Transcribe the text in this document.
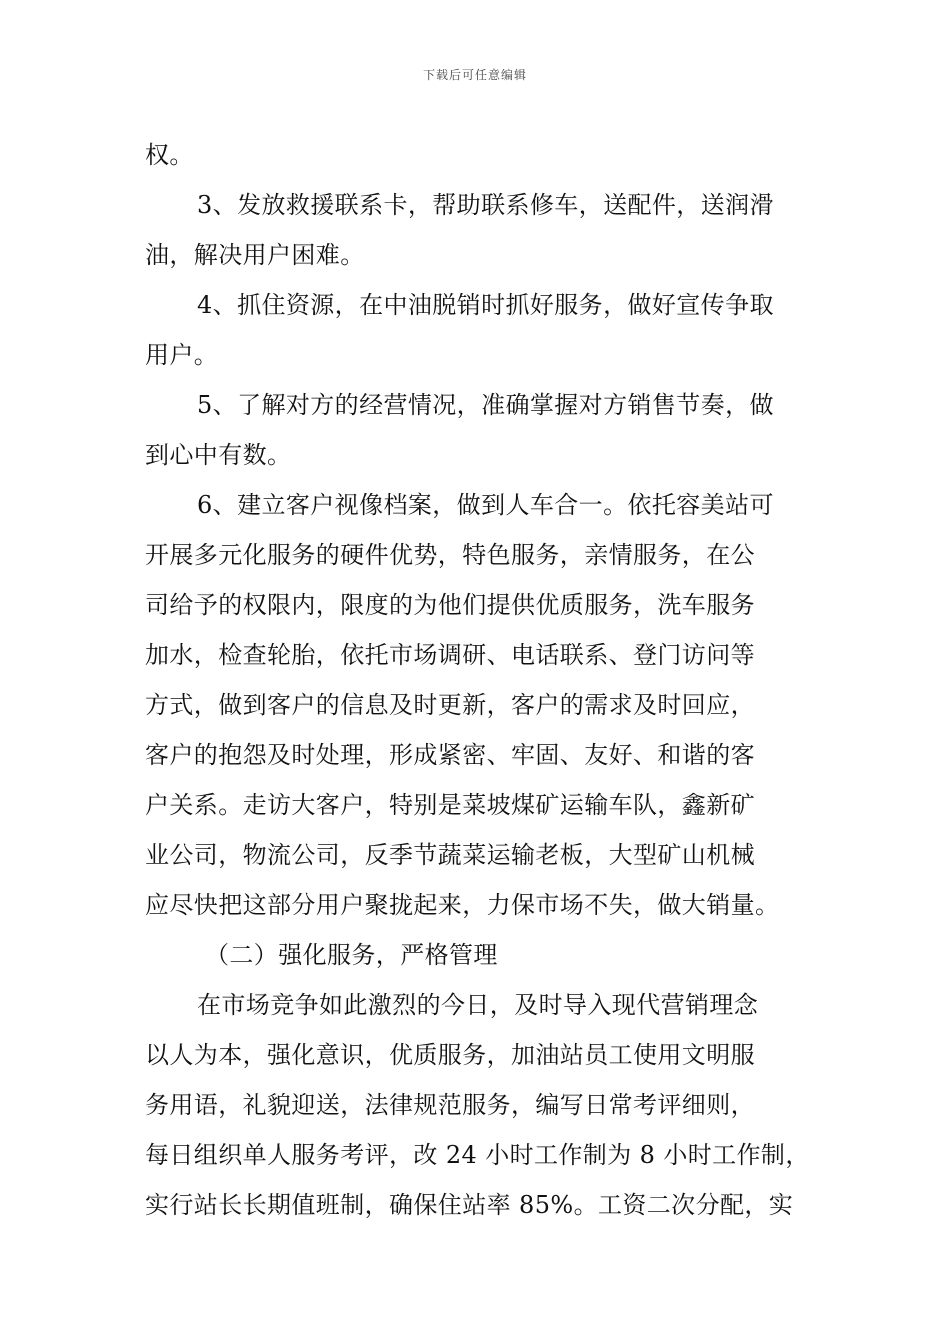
下载后可任意编辑
权。
3、发放救援联系卡，帮助联系修车，送配件，送润滑
油，解决用户困难。
4、抓住资源，在中油脱销时抓好服务，做好宣传争取
用户。
5、了解对方的经营情况，准确掌握对方销售节奏，做
到心中有数。
6、建立客户视像档案，做到人车合一。依托容美站可
开展多元化服务的硬件优势，特色服务，亲情服务，在公
司给予的权限内，限度的为他们提供优质服务，洗车服务
加水，检查轮胎，依托市场调研、电话联系、登门访问等
方式，做到客户的信息及时更新，客户的需求及时回应，
客户的抱怨及时处理，形成紧密、牢固、友好、和谐的客
户关系。走访大客户，特别是菜坡煤矿运输车队，鑫新矿
业公司，物流公司，反季节蔬菜运输老板，大型矿山机械
应尽快把这部分用户聚拢起来，力保市场不失，做大销量。
（二）强化服务，严格管理
在市场竞争如此激烈的今日，及时导入现代营销理念
以人为本，强化意识，优质服务，加油站员工使用文明服
务用语，礼貌迎送，法律规范服务，编写日常考评细则，
每日组织单人服务考评，改 24 小时工作制为 8 小时工作制，
实行站长长期值班制，确保住站率 85%。工资二次分配，实
